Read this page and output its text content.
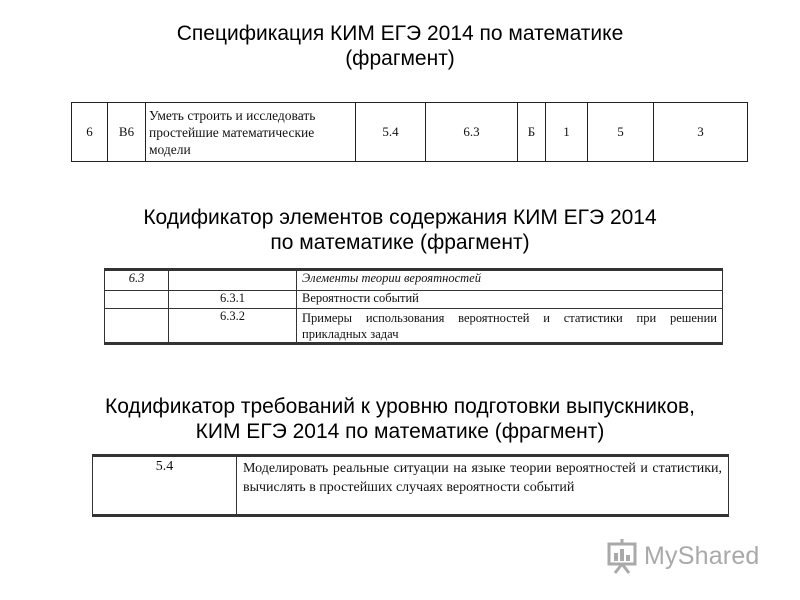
Спецификация КИМ ЕГЭ 2014 по математике
(фрагмент)
6	В6	Уметь строить и исследовать простейшие математические модели	5.4	6.3	Б	1	5	3
Кодификатор элементов содержания КИМ ЕГЭ 2014
по математике (фрагмент)
6.3		Элементы теории вероятностей
	6.3.1	Вероятности событий
	6.3.2	Примеры использования вероятностей и статистики при решении прикладных задач
Кодификатор требований к уровню подготовки выпускников,
КИМ ЕГЭ 2014 по математике (фрагмент)
5.4	Моделировать реальные ситуации на языке теории вероятностей и статистики, вычислять в простейших случаях вероятности событий
MyShared
